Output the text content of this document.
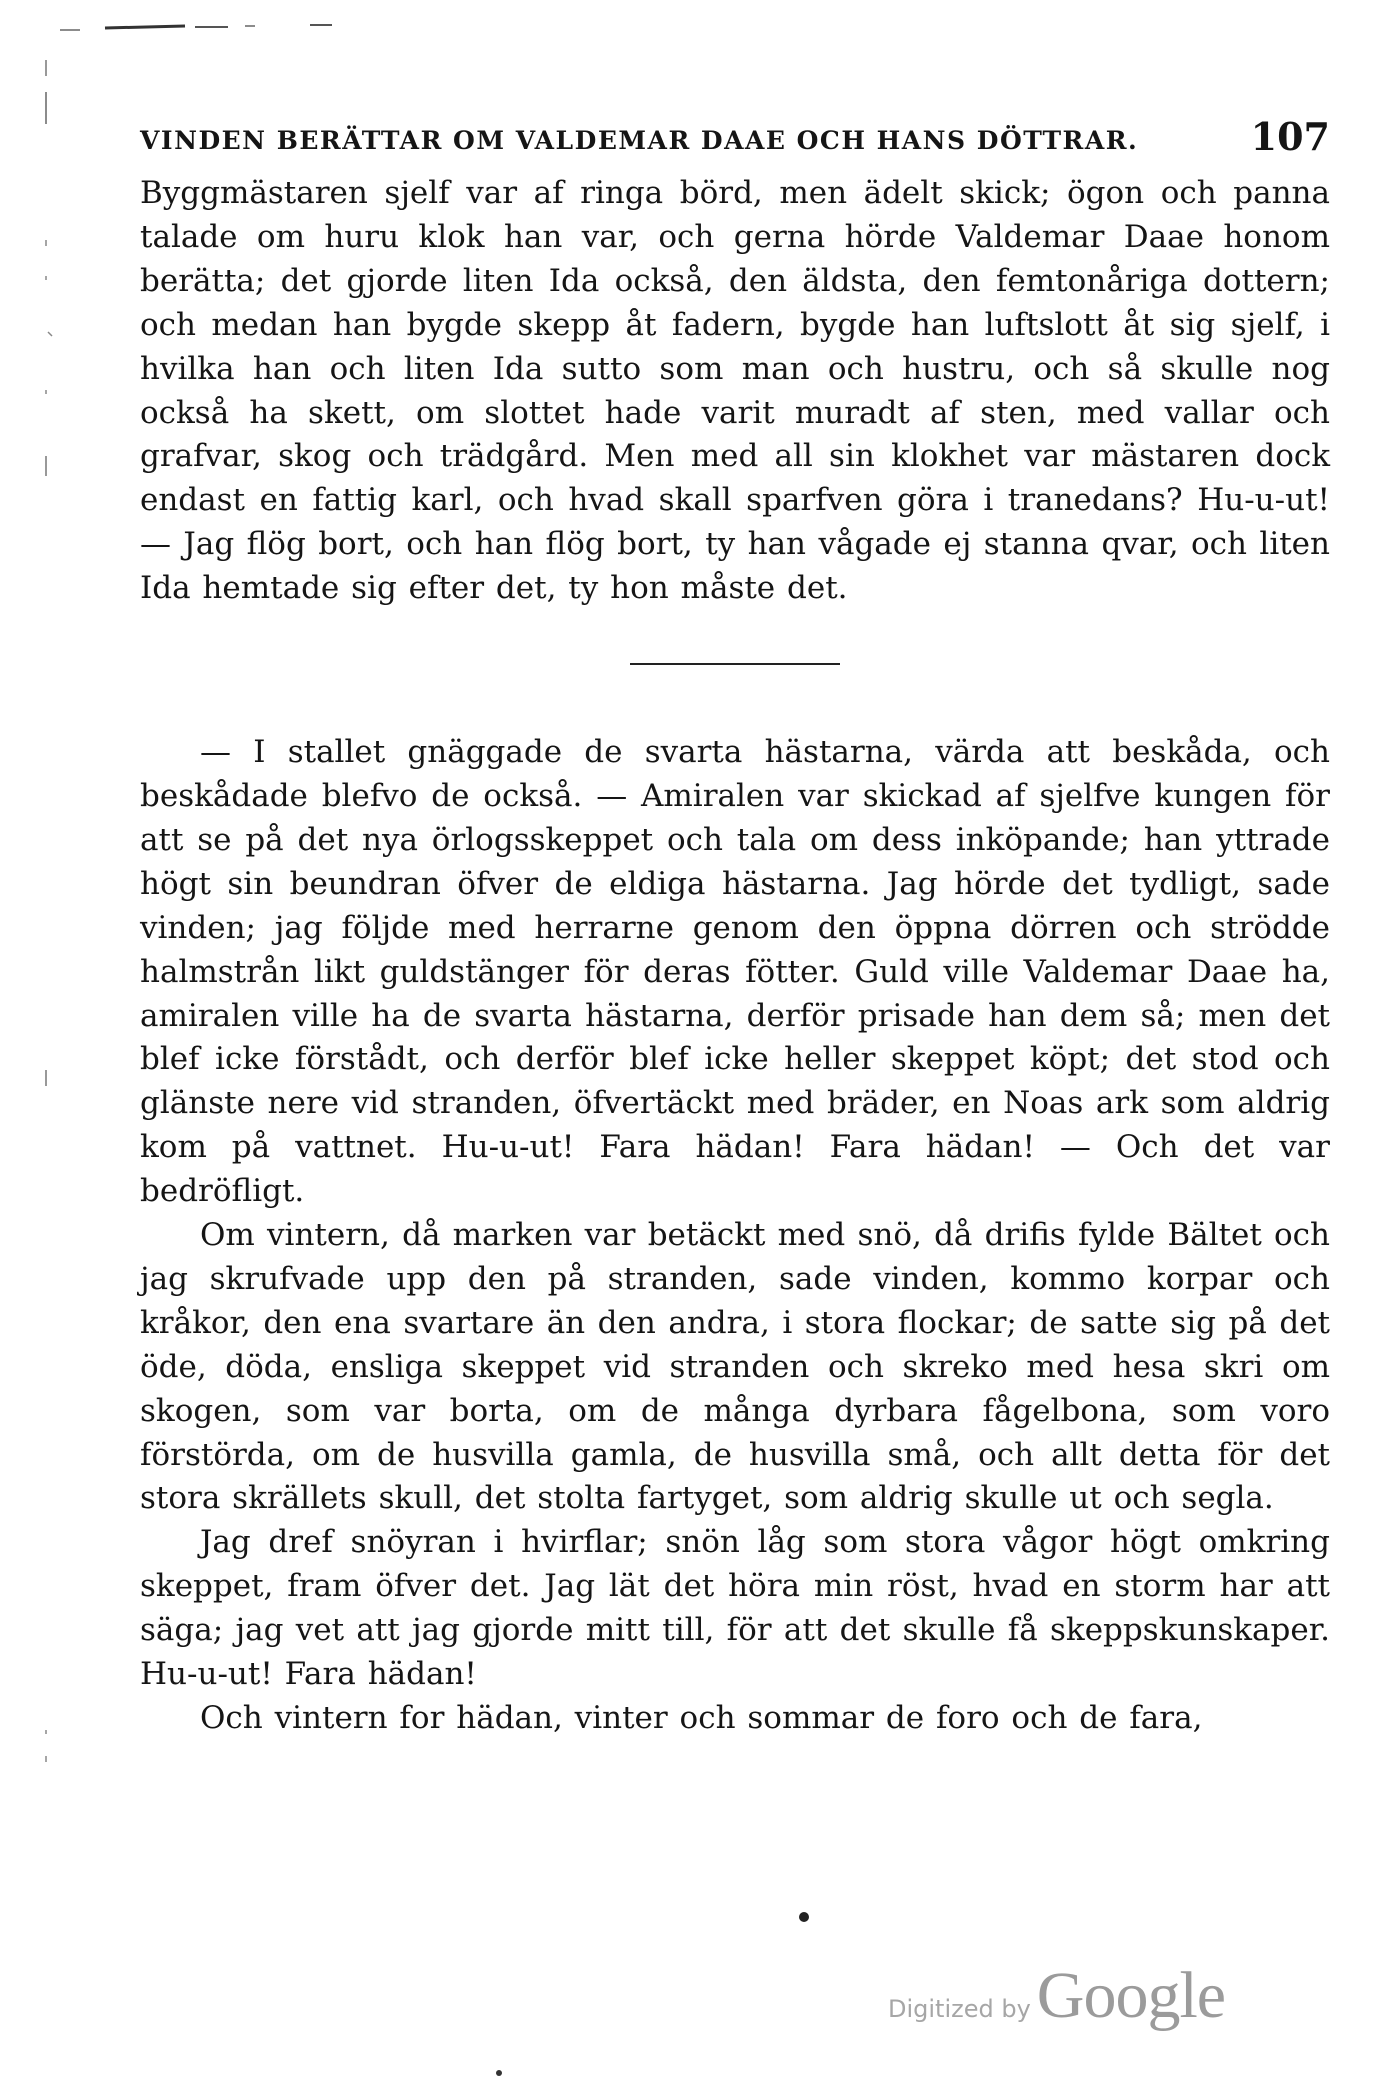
VINDEN BERÄTTAR OM VALDEMAR DAAE OCH HANS DÖTTRAR.	107

Byggmästaren sjelf var af ringa börd, men ädelt skick; ögon och panna talade om huru klok han var, och gerna hörde Valdemar Daae honom berätta; det gjorde liten Ida också, den äldsta, den femtonåriga dottern; och medan han bygde skepp åt fadern, bygde han luftslott åt sig sjelf, i hvilka han och liten Ida sutto som man och hustru, och så skulle nog också ha skett, om slottet hade varit muradt af sten, med vallar och grafvar, skog och trädgård. Men med all sin klokhet var mästaren dock endast en fattig karl, och hvad skall sparfven göra i tranedans? Hu-u-ut! — Jag flög bort, och han flög bort, ty han vågade ej stanna qvar, och liten Ida hemtade sig efter det, ty hon måste det.

— I stallet gnäggade de svarta hästarna, värda att beskåda, och beskådade blefvo de också. — Amiralen var skickad af sjelfve kungen för att se på det nya örlogsskeppet och tala om dess inköpande; han yttrade högt sin beundran öfver de eldiga hästarna. Jag hörde det tydligt, sade vinden; jag följde med herrarne genom den öppna dörren och strödde halmstrån likt guldstänger för deras fötter. Guld ville Valdemar Daae ha, amiralen ville ha de svarta hästarna, derför prisade han dem så; men det blef icke förstådt, och derför blef icke heller skeppet köpt; det stod och glänste nere vid stranden, öfvertäckt med bräder, en Noas ark som aldrig kom på vattnet. Hu-u-ut! Fara hädan! Fara hädan! — Och det var bedröfligt.

Om vintern, då marken var betäckt med snö, då drifis fylde Bältet och jag skrufvade upp den på stranden, sade vinden, kommo korpar och kråkor, den ena svartare än den andra, i stora flockar; de satte sig på det öde, döda, ensliga skeppet vid stranden och skreko med hesa skri om skogen, som var borta, om de många dyrbara fågelbona, som voro förstörda, om de husvilla gamla, de husvilla små, och allt detta för det stora skrällets skull, det stolta fartyget, som aldrig skulle ut och segla.

Jag dref snöyran i hvirflar; snön låg som stora vågor högt omkring skeppet, fram öfver det. Jag lät det höra min röst, hvad en storm har att säga; jag vet att jag gjorde mitt till, för att det skulle få skeppskunskaper. Hu-u-ut! Fara hädan!

Och vintern for hädan, vinter och sommar de foro och de fara,

Digitized byGoogle
